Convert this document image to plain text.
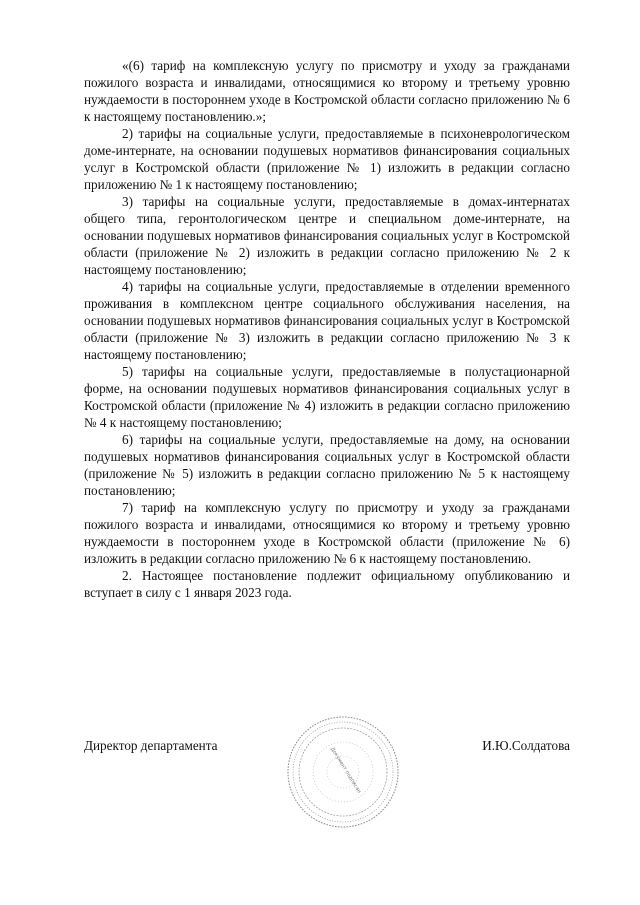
«(6) тариф на комплексную услугу по присмотру и уходу за гражданами пожилого возраста и инвалидами, относящимися ко второму и третьему уровню нуждаемости в постороннем уходе в Костромской области согласно приложению № 6 к настоящему постановлению.»;

2) тарифы на социальные услуги, предоставляемые в психоневрологическом доме-интернате, на основании подушевых нормативов финансирования социальных услуг в Костромской области (приложение № 1) изложить в редакции согласно приложению № 1 к настоящему постановлению;

3) тарифы на социальные услуги, предоставляемые в домах-интернатах общего типа, геронтологическом центре и специальном доме-интернате, на основании подушевых нормативов финансирования социальных услуг в Костромской области (приложение № 2) изложить в редакции согласно приложению № 2 к настоящему постановлению;

4) тарифы на социальные услуги, предоставляемые в отделении временного проживания в комплексном центре социального обслуживания населения, на основании подушевых нормативов финансирования социальных услуг в Костромской области (приложение № 3) изложить в редакции согласно приложению № 3 к настоящему постановлению;

5) тарифы на социальные услуги, предоставляемые в полустационарной форме, на основании подушевых нормативов финансирования социальных услуг в Костромской области (приложение № 4) изложить в редакции согласно приложению № 4 к настоящему постановлению;

6) тарифы на социальные услуги, предоставляемые на дому, на основании подушевых нормативов финансирования социальных услуг в Костромской области (приложение № 5) изложить в редакции согласно приложению № 5 к настоящему постановлению;

7) тариф на комплексную услугу по присмотру и уходу за гражданами пожилого возраста и инвалидами, относящимися ко второму и третьему уровню нуждаемости в постороннем уходе в Костромской области (приложение № 6) изложить в редакции согласно приложению № 6 к настоящему постановлению.

2. Настоящее постановление подлежит официальному опубликованию и вступает в силу с 1 января 2023 года.

Директор департамента	И.Ю.Солдатова
Документ подписан
